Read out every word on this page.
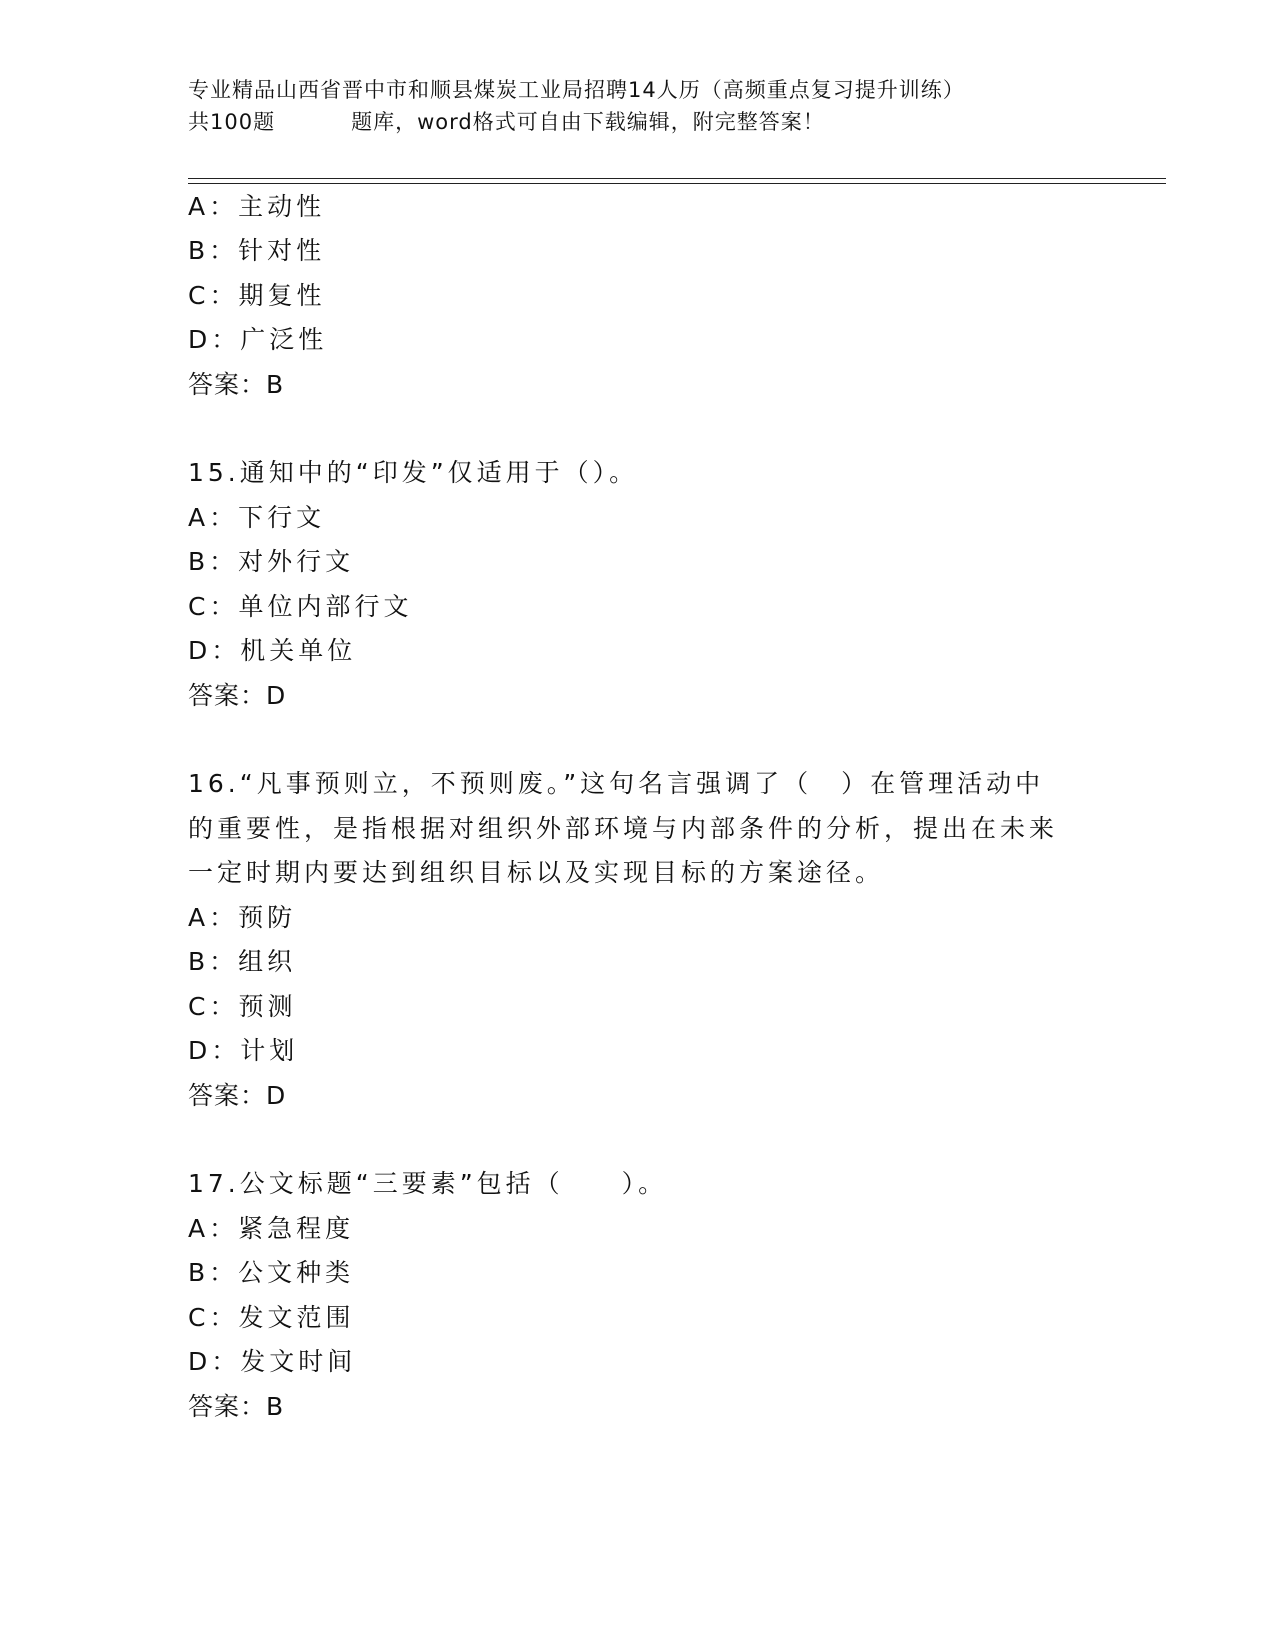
专业精品山西省晋中市和顺县煤炭工业局招聘14人历（高频重点复习提升训练）
共100题	题库，word格式可自由下载编辑，附完整答案！
A：主动性
B：针对性
C：期复性
D：广泛性
答案：B
15.通知中的“印发”仅适用于（）。
A：下行文
B：对外行文
C：单位内部行文
D：机关单位
答案：D
16.“凡事预则立，不预则废。”这句名言强调了（　）在管理活动中
的重要性，是指根据对组织外部环境与内部条件的分析，提出在未来
一定时期内要达到组织目标以及实现目标的方案途径。
A：预防
B：组织
C：预测
D：计划
答案：D
17.公文标题“三要素”包括（　　）。
A：紧急程度
B：公文种类
C：发文范围
D：发文时间
答案：B
